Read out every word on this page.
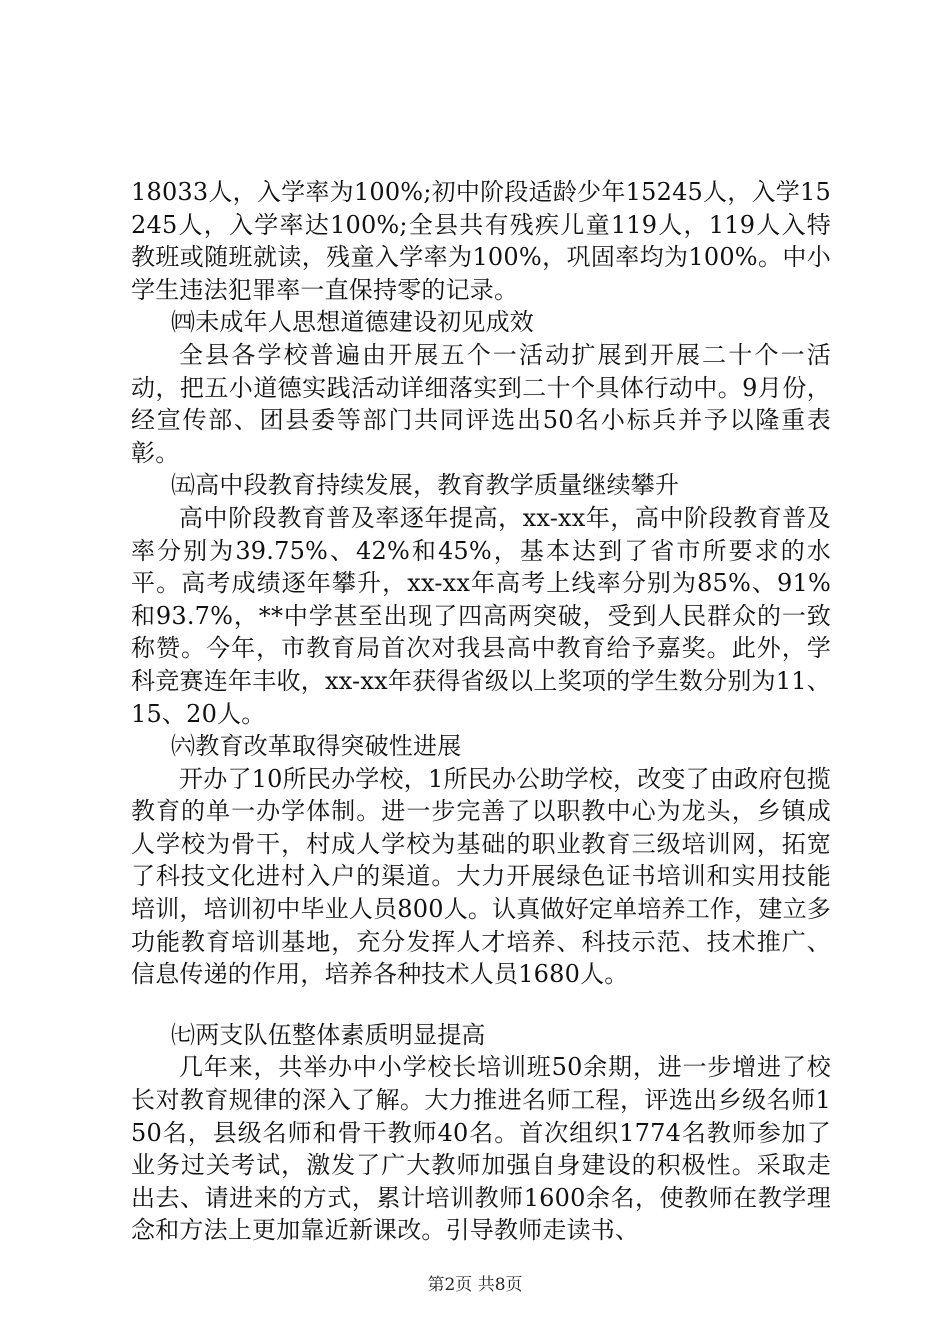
18033人，入学率为100%;初中阶段适龄少年15245人，入学15245人，入学率达100%;全县共有残疾儿童119人，119人入特教班或随班就读，残童入学率为100%，巩固率均为100%。中小学生违法犯罪率一直保持零的记录。

㈣未成年人思想道德建设初见成效

全县各学校普遍由开展五个一活动扩展到开展二十个一活动，把五小道德实践活动详细落实到二十个具体行动中。9月份，经宣传部、团县委等部门共同评选出50名小标兵并予以隆重表彰。

㈤高中段教育持续发展，教育教学质量继续攀升

高中阶段教育普及率逐年提高，xx-xx年，高中阶段教育普及率分别为39.75%、42%和45%，基本达到了省市所要求的水平。高考成绩逐年攀升，xx-xx年高考上线率分别为85%、91%和93.7%，**中学甚至出现了四高两突破，受到人民群众的一致称赞。今年，市教育局首次对我县高中教育给予嘉奖。此外，学科竞赛连年丰收，xx-xx年获得省级以上奖项的学生数分别为11、15、20人。

㈥教育改革取得突破性进展

开办了10所民办学校，1所民办公助学校，改变了由政府包揽教育的单一办学体制。进一步完善了以职教中心为龙头，乡镇成人学校为骨干，村成人学校为基础的职业教育三级培训网，拓宽了科技文化进村入户的渠道。大力开展绿色证书培训和实用技能培训，培训初中毕业人员800人。认真做好定单培养工作，建立多功能教育培训基地，充分发挥人才培养、科技示范、技术推广、信息传递的作用，培养各种技术人员1680人。

㈦两支队伍整体素质明显提高

几年来，共举办中小学校长培训班50余期，进一步增进了校长对教育规律的深入了解。大力推进名师工程，评选出乡级名师150名，县级名师和骨干教师40名。首次组织1774名教师参加了业务过关考试，激发了广大教师加强自身建设的积极性。采取走出去、请进来的方式，累计培训教师1600余名，使教师在教学理念和方法上更加靠近新课改。引导教师走读书、

第2页 共8页
